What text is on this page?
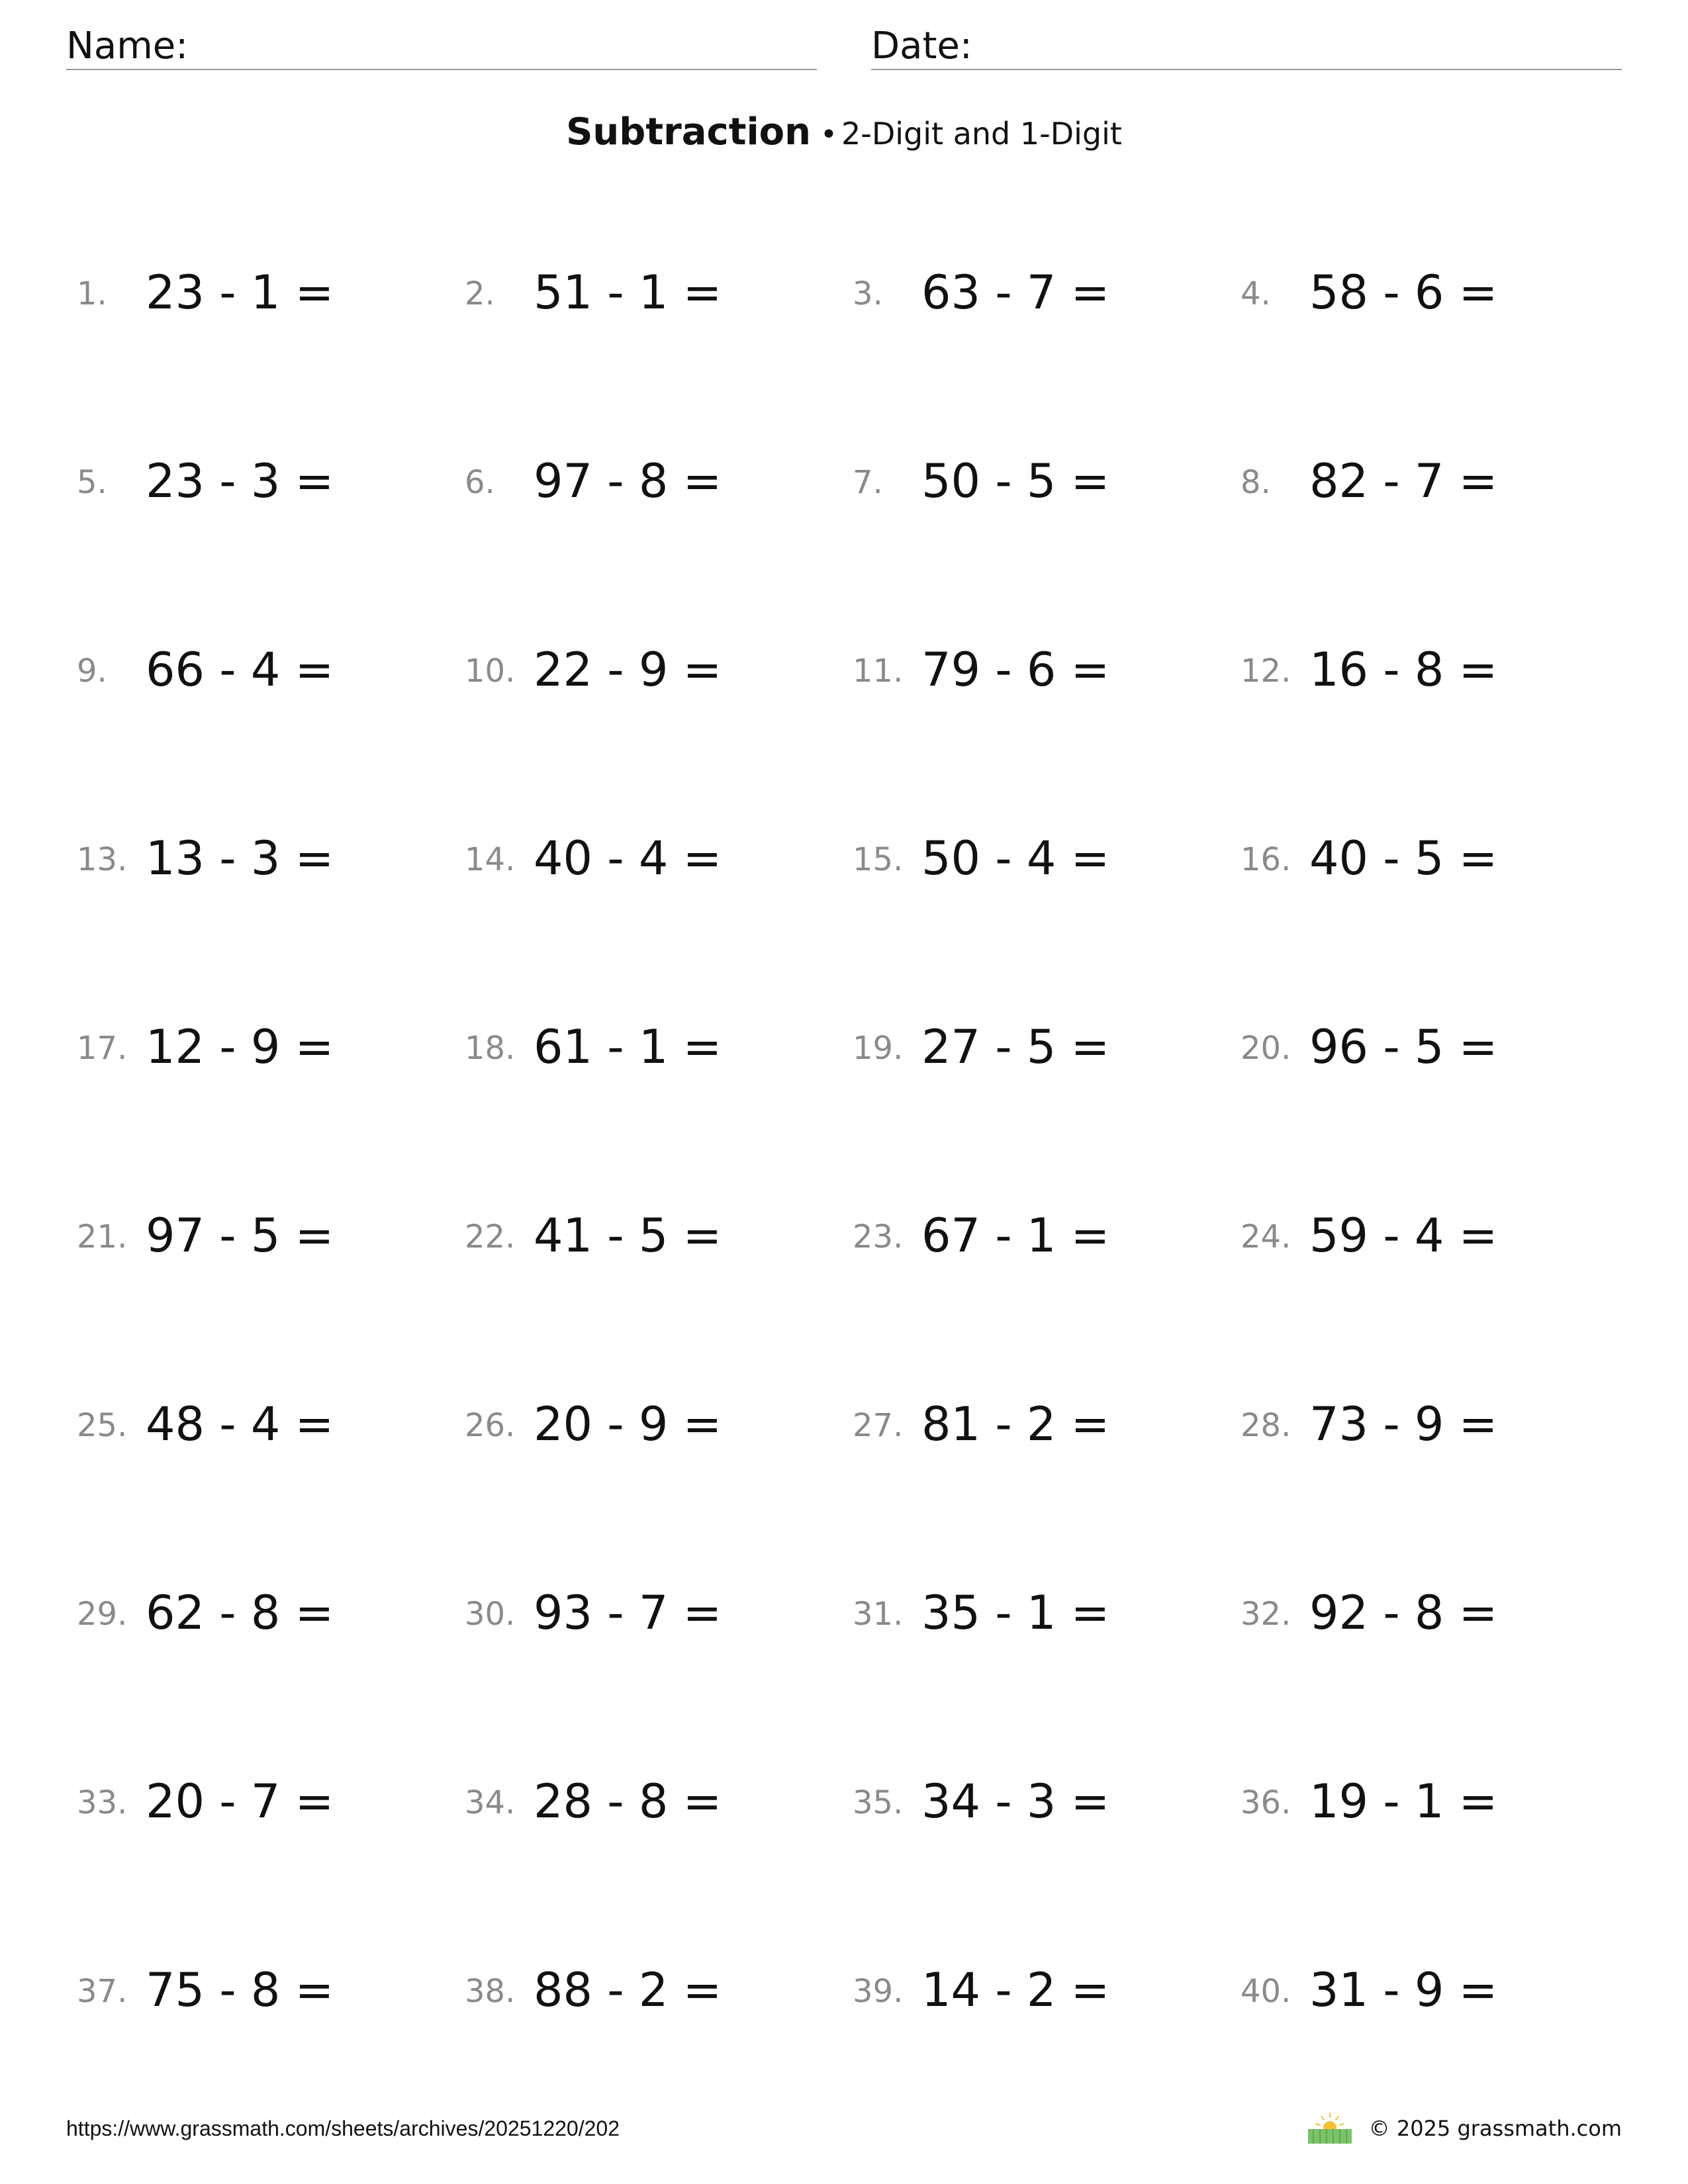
Name:	Date:
Subtraction • 2-Digit and 1-Digit
1. 23 - 1 =	2. 51 - 1 =	3. 63 - 7 =	4. 58 - 6 =
5. 23 - 3 =	6. 97 - 8 =	7. 50 - 5 =	8. 82 - 7 =
9. 66 - 4 =	10. 22 - 9 =	11. 79 - 6 =	12. 16 - 8 =
13. 13 - 3 =	14. 40 - 4 =	15. 50 - 4 =	16. 40 - 5 =
17. 12 - 9 =	18. 61 - 1 =	19. 27 - 5 =	20. 96 - 5 =
21. 97 - 5 =	22. 41 - 5 =	23. 67 - 1 =	24. 59 - 4 =
25. 48 - 4 =	26. 20 - 9 =	27. 81 - 2 =	28. 73 - 9 =
29. 62 - 8 =	30. 93 - 7 =	31. 35 - 1 =	32. 92 - 8 =
33. 20 - 7 =	34. 28 - 8 =	35. 34 - 3 =	36. 19 - 1 =
37. 75 - 8 =	38. 88 - 2 =	39. 14 - 2 =	40. 31 - 9 =
https://www.grassmath.com/sheets/archives/20251220/202	© 2025 grassmath.com
